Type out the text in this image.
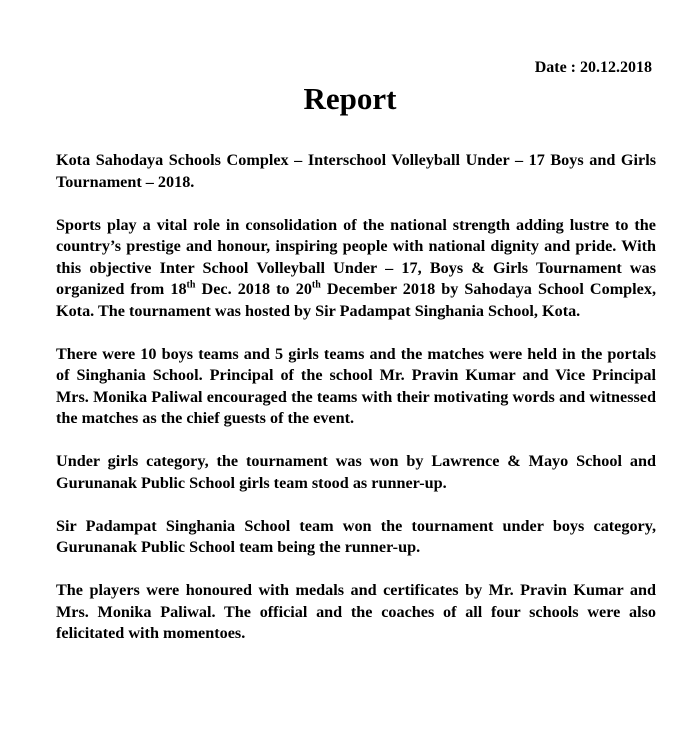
Date : 20.12.2018
Report

Kota Sahodaya Schools Complex – Interschool Volleyball Under – 17 Boys and Girls Tournament – 2018.

Sports play a vital role in consolidation of the national strength adding lustre to the country’s prestige and honour, inspiring people with national dignity and pride. With this objective Inter School Volleyball Under – 17, Boys & Girls Tournament was organized from 18th Dec. 2018 to 20th December 2018 by Sahodaya School Complex, Kota. The tournament was hosted by Sir Padampat Singhania School, Kota.

There were 10 boys teams and 5 girls teams and the matches were held in the portals of Singhania School. Principal of the school Mr. Pravin Kumar and Vice Principal Mrs. Monika Paliwal encouraged the teams with their motivating words and witnessed the matches as the chief guests of the event.

Under girls category, the tournament was won by Lawrence & Mayo School and Gurunanak Public School girls team stood as runner-up.

Sir Padampat Singhania School team won the tournament under boys category, Gurunanak Public School team being the runner-up.

The players were honoured with medals and certificates by Mr. Pravin Kumar and Mrs. Monika Paliwal. The official and the coaches of all four schools were also felicitated with momentoes.
